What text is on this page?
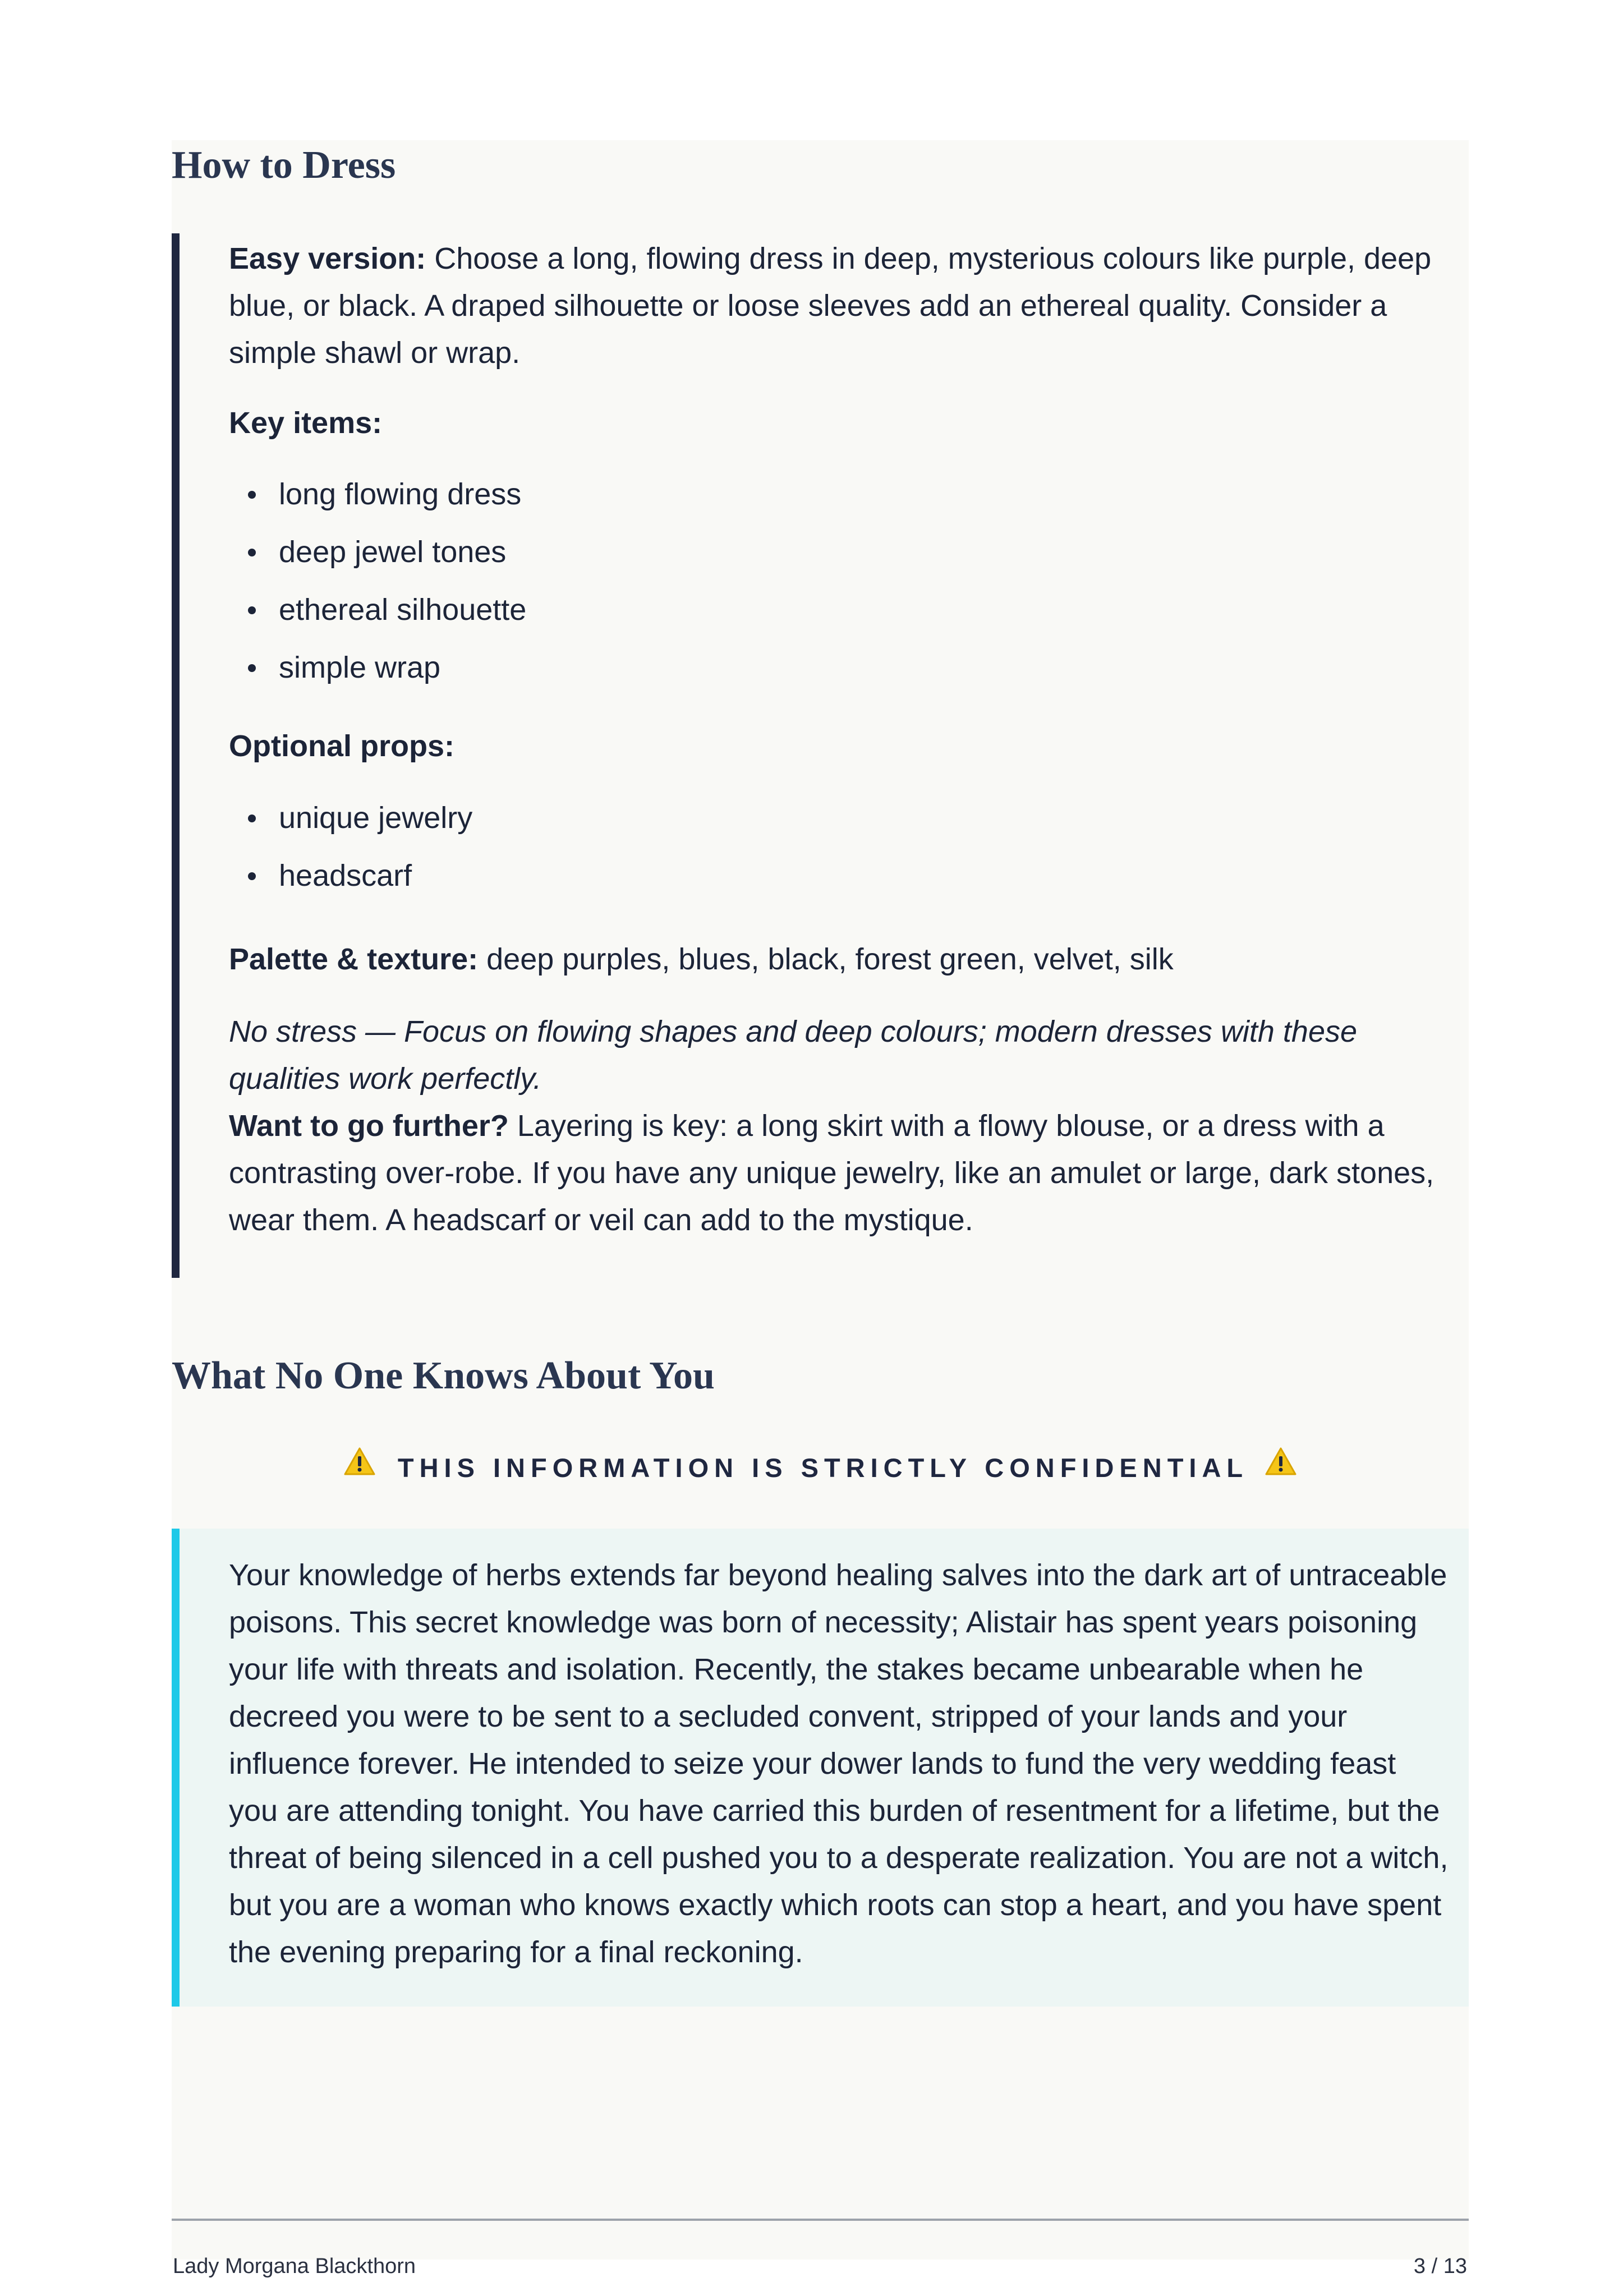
How to Dress
Easy version: Choose a long, flowing dress in deep, mysterious colours like purple, deep blue, or black. A draped silhouette or loose sleeves add an ethereal quality. Consider a simple shawl or wrap.
Key items:
long flowing dress
deep jewel tones
ethereal silhouette
simple wrap
Optional props:
unique jewelry
headscarf
Palette & texture: deep purples, blues, black, forest green, velvet, silk
No stress — Focus on flowing shapes and deep colours; modern dresses with these qualities work perfectly.
Want to go further? Layering is key: a long skirt with a flowy blouse, or a dress with a contrasting over-robe. If you have any unique jewelry, like an amulet or large, dark stones, wear them. A headscarf or veil can add to the mystique.
What No One Knows About You
THIS INFORMATION IS STRICTLY CONFIDENTIAL
Your knowledge of herbs extends far beyond healing salves into the dark art of untraceable poisons. This secret knowledge was born of necessity; Alistair has spent years poisoning your life with threats and isolation. Recently, the stakes became unbearable when he decreed you were to be sent to a secluded convent, stripped of your lands and your influence forever. He intended to seize your dower lands to fund the very wedding feast you are attending tonight. You have carried this burden of resentment for a lifetime, but the threat of being silenced in a cell pushed you to a desperate realization. You are not a witch, but you are a woman who knows exactly which roots can stop a heart, and you have spent the evening preparing for a final reckoning.
Lady Morgana Blackthorn	3 / 13
